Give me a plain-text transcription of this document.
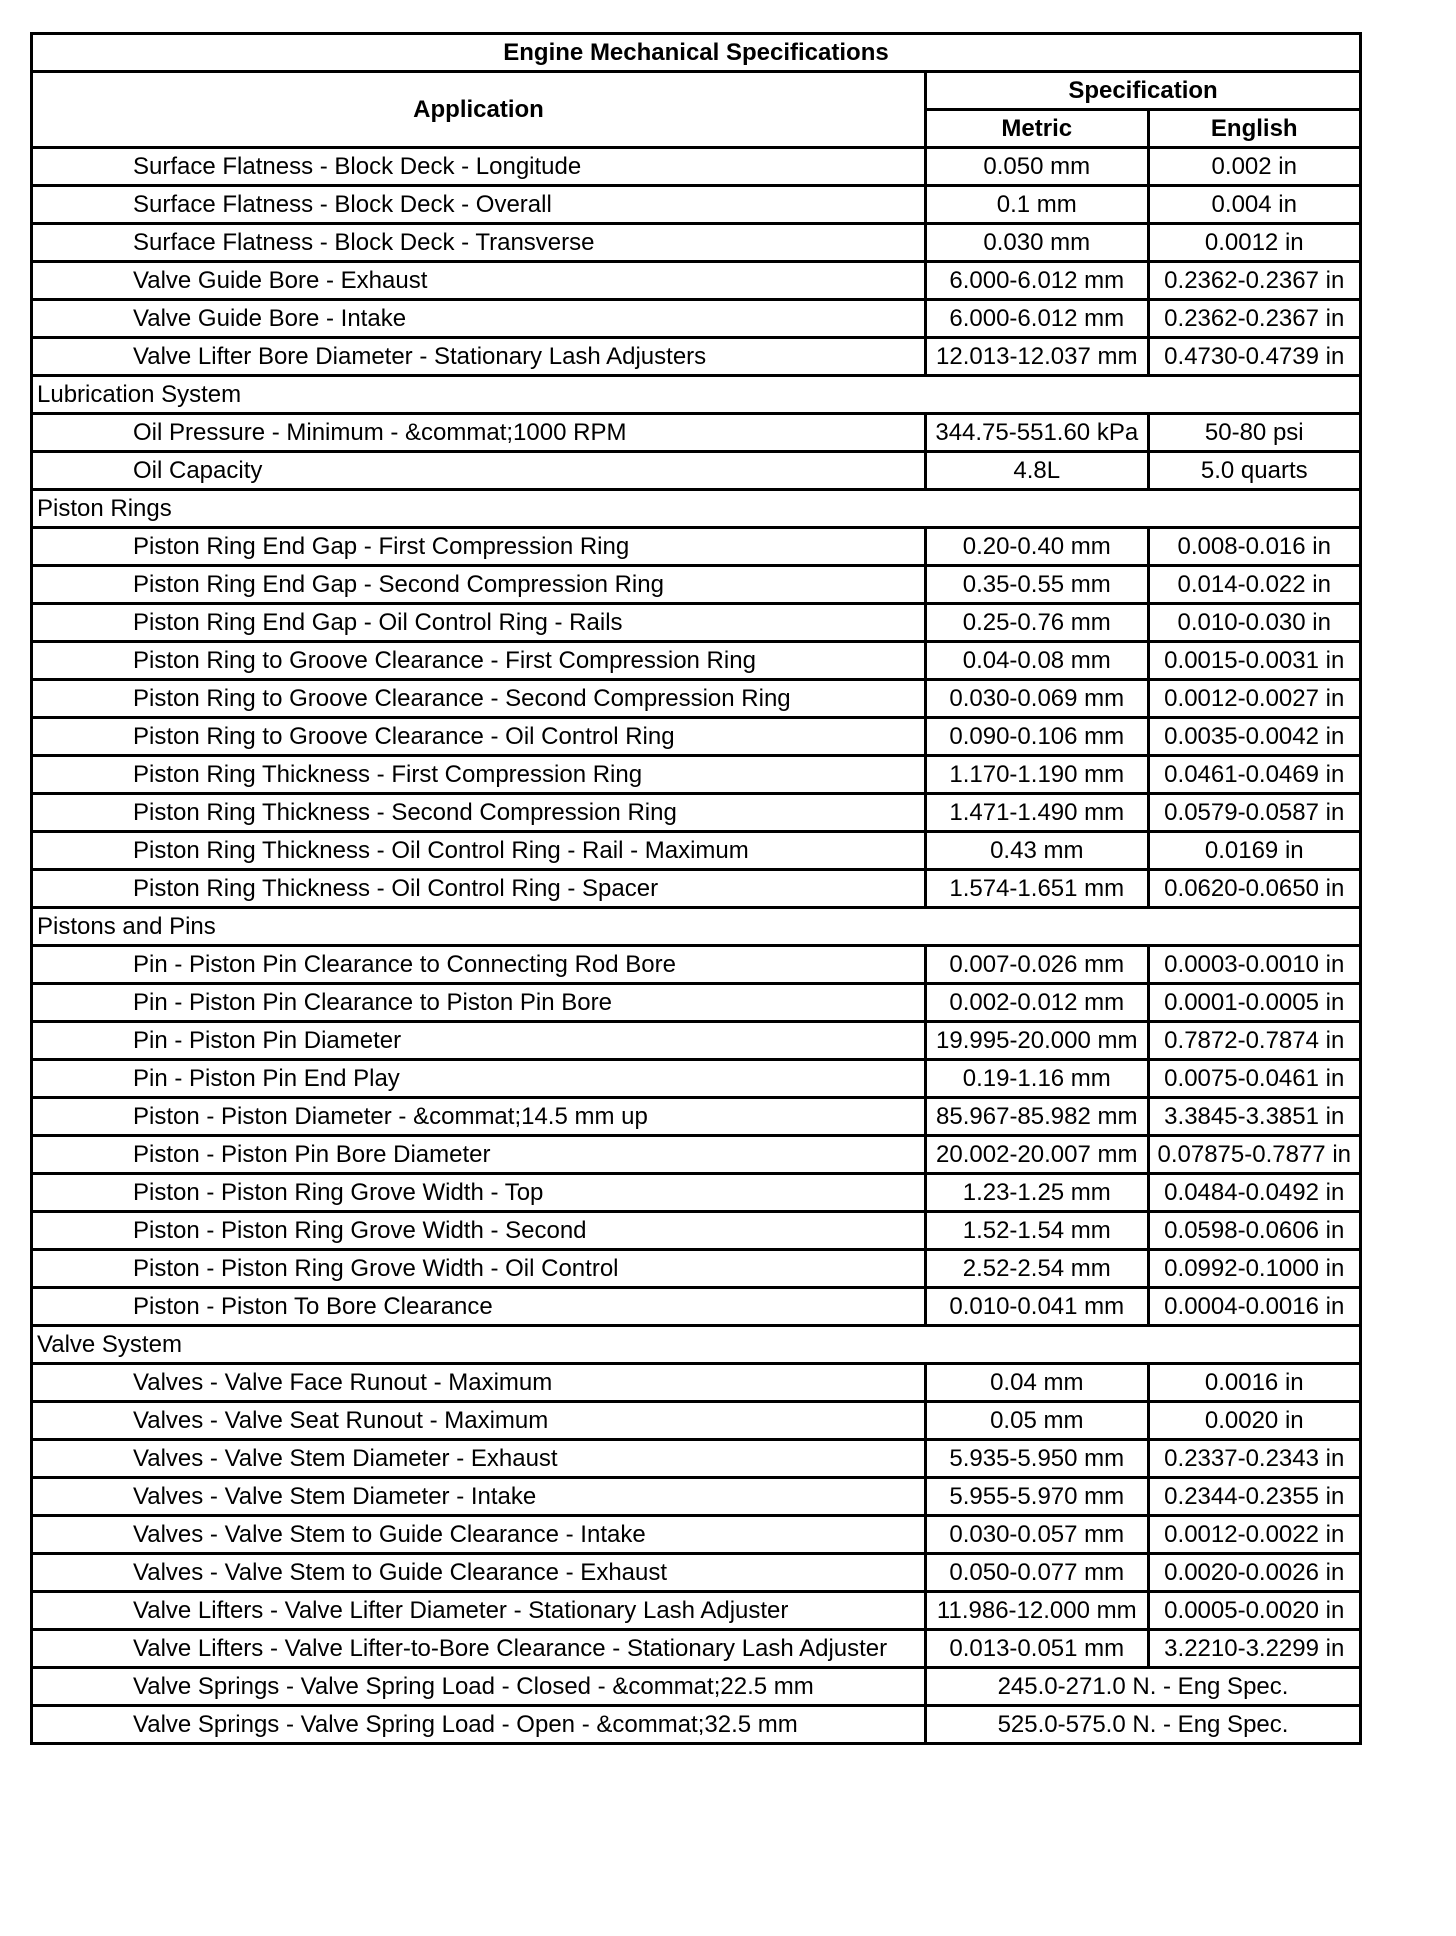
Engine Mechanical Specifications		
Application	Specification	
	Metric	English
Surface Flatness - Block Deck - Longitude	0.050 mm	0.002 in
Surface Flatness - Block Deck - Overall	0.1 mm	0.004 in
Surface Flatness - Block Deck - Transverse	0.030 mm	0.0012 in
Valve Guide Bore - Exhaust	6.000-6.012 mm	0.2362-0.2367 in
Valve Guide Bore - Intake	6.000-6.012 mm	0.2362-0.2367 in
Valve Lifter Bore Diameter - Stationary Lash Adjusters	12.013-12.037 mm	0.4730-0.4739 in
Lubrication System		
Oil Pressure - Minimum - &commat;1000 RPM	344.75-551.60 kPa	50-80 psi
Oil Capacity	4.8L	5.0 quarts
Piston Rings		
Piston Ring End Gap - First Compression Ring	0.20-0.40 mm	0.008-0.016 in
Piston Ring End Gap - Second Compression Ring	0.35-0.55 mm	0.014-0.022 in
Piston Ring End Gap - Oil Control Ring - Rails	0.25-0.76 mm	0.010-0.030 in
Piston Ring to Groove Clearance - First Compression Ring	0.04-0.08 mm	0.0015-0.0031 in
Piston Ring to Groove Clearance - Second Compression Ring	0.030-0.069 mm	0.0012-0.0027 in
Piston Ring to Groove Clearance - Oil Control Ring	0.090-0.106 mm	0.0035-0.0042 in
Piston Ring Thickness - First Compression Ring	1.170-1.190 mm	0.0461-0.0469 in
Piston Ring Thickness - Second Compression Ring	1.471-1.490 mm	0.0579-0.0587 in
Piston Ring Thickness - Oil Control Ring - Rail - Maximum	0.43 mm	0.0169 in
Piston Ring Thickness - Oil Control Ring - Spacer	1.574-1.651 mm	0.0620-0.0650 in
Pistons and Pins		
Pin - Piston Pin Clearance to Connecting Rod Bore	0.007-0.026 mm	0.0003-0.0010 in
Pin - Piston Pin Clearance to Piston Pin Bore	0.002-0.012 mm	0.0001-0.0005 in
Pin - Piston Pin Diameter	19.995-20.000 mm	0.7872-0.7874 in
Pin - Piston Pin End Play	0.19-1.16 mm	0.0075-0.0461 in
Piston - Piston Diameter - &commat;14.5 mm up	85.967-85.982 mm	3.3845-3.3851 in
Piston - Piston Pin Bore Diameter	20.002-20.007 mm	0.07875-0.7877 in
Piston - Piston Ring Grove Width - Top	1.23-1.25 mm	0.0484-0.0492 in
Piston - Piston Ring Grove Width - Second	1.52-1.54 mm	0.0598-0.0606 in
Piston - Piston Ring Grove Width - Oil Control	2.52-2.54 mm	0.0992-0.1000 in
Piston - Piston To Bore Clearance	0.010-0.041 mm	0.0004-0.0016 in
Valve System		
Valves - Valve Face Runout - Maximum	0.04 mm	0.0016 in
Valves - Valve Seat Runout - Maximum	0.05 mm	0.0020 in
Valves - Valve Stem Diameter - Exhaust	5.935-5.950 mm	0.2337-0.2343 in
Valves - Valve Stem Diameter - Intake	5.955-5.970 mm	0.2344-0.2355 in
Valves - Valve Stem to Guide Clearance - Intake	0.030-0.057 mm	0.0012-0.0022 in
Valves - Valve Stem to Guide Clearance - Exhaust	0.050-0.077 mm	0.0020-0.0026 in
Valve Lifters - Valve Lifter Diameter - Stationary Lash Adjuster	11.986-12.000 mm	0.0005-0.0020 in
Valve Lifters - Valve Lifter-to-Bore Clearance - Stationary Lash Adjuster	0.013-0.051 mm	3.2210-3.2299 in
Valve Springs - Valve Spring Load - Closed - &commat;22.5 mm	245.0-271.0 N. - Eng Spec.	
Valve Springs - Valve Spring Load - Open - &commat;32.5 mm	525.0-575.0 N. - Eng Spec.	
